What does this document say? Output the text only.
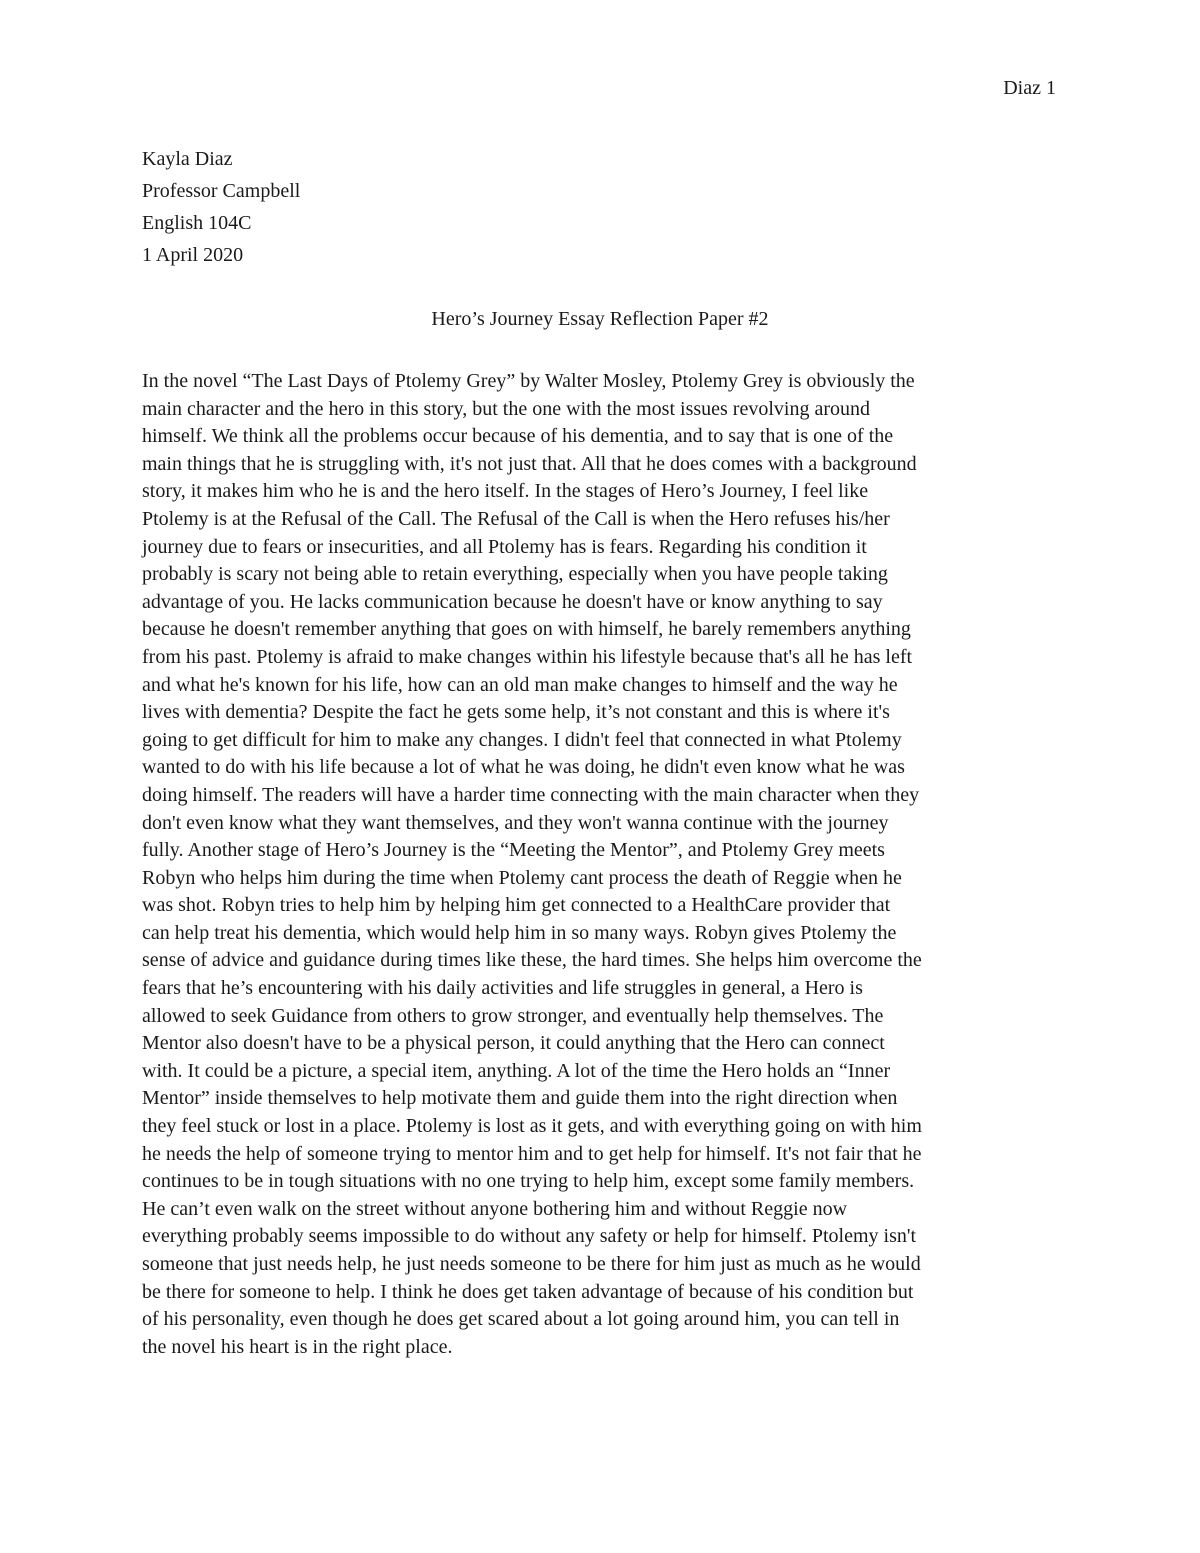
Diaz 1
Kayla Diaz
Professor Campbell
English 104C
1 April 2020
Hero’s Journey Essay Reflection Paper #2
In the novel “The Last Days of Ptolemy Grey” by Walter Mosley, Ptolemy Grey is obviously the
main character and the hero in this story, but the one with the most issues revolving around
himself. We think all the problems occur because of his dementia, and to say that is one of the
main things that he is struggling with, it's not just that. All that he does comes with a background
story, it makes him who he is and the hero itself. In the stages of Hero’s Journey, I feel like
Ptolemy is at the Refusal of the Call. The Refusal of the Call is when the Hero refuses his/her
journey due to fears or insecurities, and all Ptolemy has is fears. Regarding his condition it
probably is scary not being able to retain everything, especially when you have people taking
advantage of you. He lacks communication because he doesn't have or know anything to say
because he doesn't remember anything that goes on with himself, he barely remembers anything
from his past. Ptolemy is afraid to make changes within his lifestyle because that's all he has left
and what he's known for his life, how can an old man make changes to himself and the way he
lives with dementia? Despite the fact he gets some help, it’s not constant and this is where it's
going to get difficult for him to make any changes. I didn't feel that connected in what Ptolemy
wanted to do with his life because a lot of what he was doing, he didn't even know what he was
doing himself. The readers will have a harder time connecting with the main character when they
don't even know what they want themselves, and they won't wanna continue with the journey
fully. Another stage of Hero’s Journey is the “Meeting the Mentor”, and Ptolemy Grey meets
Robyn who helps him during the time when Ptolemy cant process the death of Reggie when he
was shot. Robyn tries to help him by helping him get connected to a HealthCare provider that
can help treat his dementia, which would help him in so many ways. Robyn gives Ptolemy the
sense of advice and guidance during times like these, the hard times. She helps him overcome the
fears that he’s encountering with his daily activities and life struggles in general, a Hero is
allowed to seek Guidance from others to grow stronger, and eventually help themselves. The
Mentor also doesn't have to be a physical person, it could anything that the Hero can connect
with. It could be a picture, a special item, anything. A lot of the time the Hero holds an “Inner
Mentor” inside themselves to help motivate them and guide them into the right direction when
they feel stuck or lost in a place. Ptolemy is lost as it gets, and with everything going on with him
he needs the help of someone trying to mentor him and to get help for himself. It's not fair that he
continues to be in tough situations with no one trying to help him, except some family members.
He can’t even walk on the street without anyone bothering him and without Reggie now
everything probably seems impossible to do without any safety or help for himself. Ptolemy isn't
someone that just needs help, he just needs someone to be there for him just as much as he would
be there for someone to help. I think he does get taken advantage of because of his condition but
of his personality, even though he does get scared about a lot going around him, you can tell in
the novel his heart is in the right place.
